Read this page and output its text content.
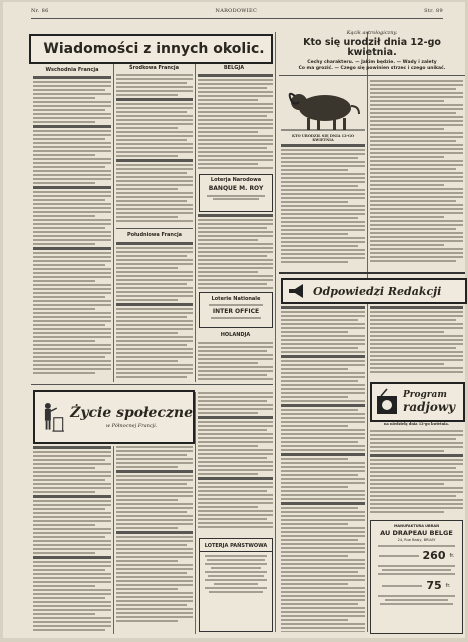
Nr. 86	NARODOWIEC	Str. 89
Wiadomości z innych okolic.
Wschodnia Francja	Środkowa Francja	BELGJA
Południowa Francja
Loterja Narodowa
BANQUE M. ROY
Loterie Nationale
INTER OFFICE
HOLANDJA
Życie społeczne
w Północnej Francji.
LOTERJA PAŃSTWOWA
Kącik astrologiczny.
Kto się urodził dnia 12-go kwietnia.
Cechy charakteru. — Jakim będzie. — Wady i zalety
Co ma grozić. — Czego się powinien strzec i czego unikać.
KTO URODZIŁ SIĘ DNIA 12-GO KWIETNIA
Odpowiedzi Redakcji
Program
radjowy
na niedzielę dnia 12-go kwietnia.
MANUFAKTURA UBRAŃ
AU DRAPEAU BELGE
24, Rue Basly, BRUAY
260 fr.
75 fr.
